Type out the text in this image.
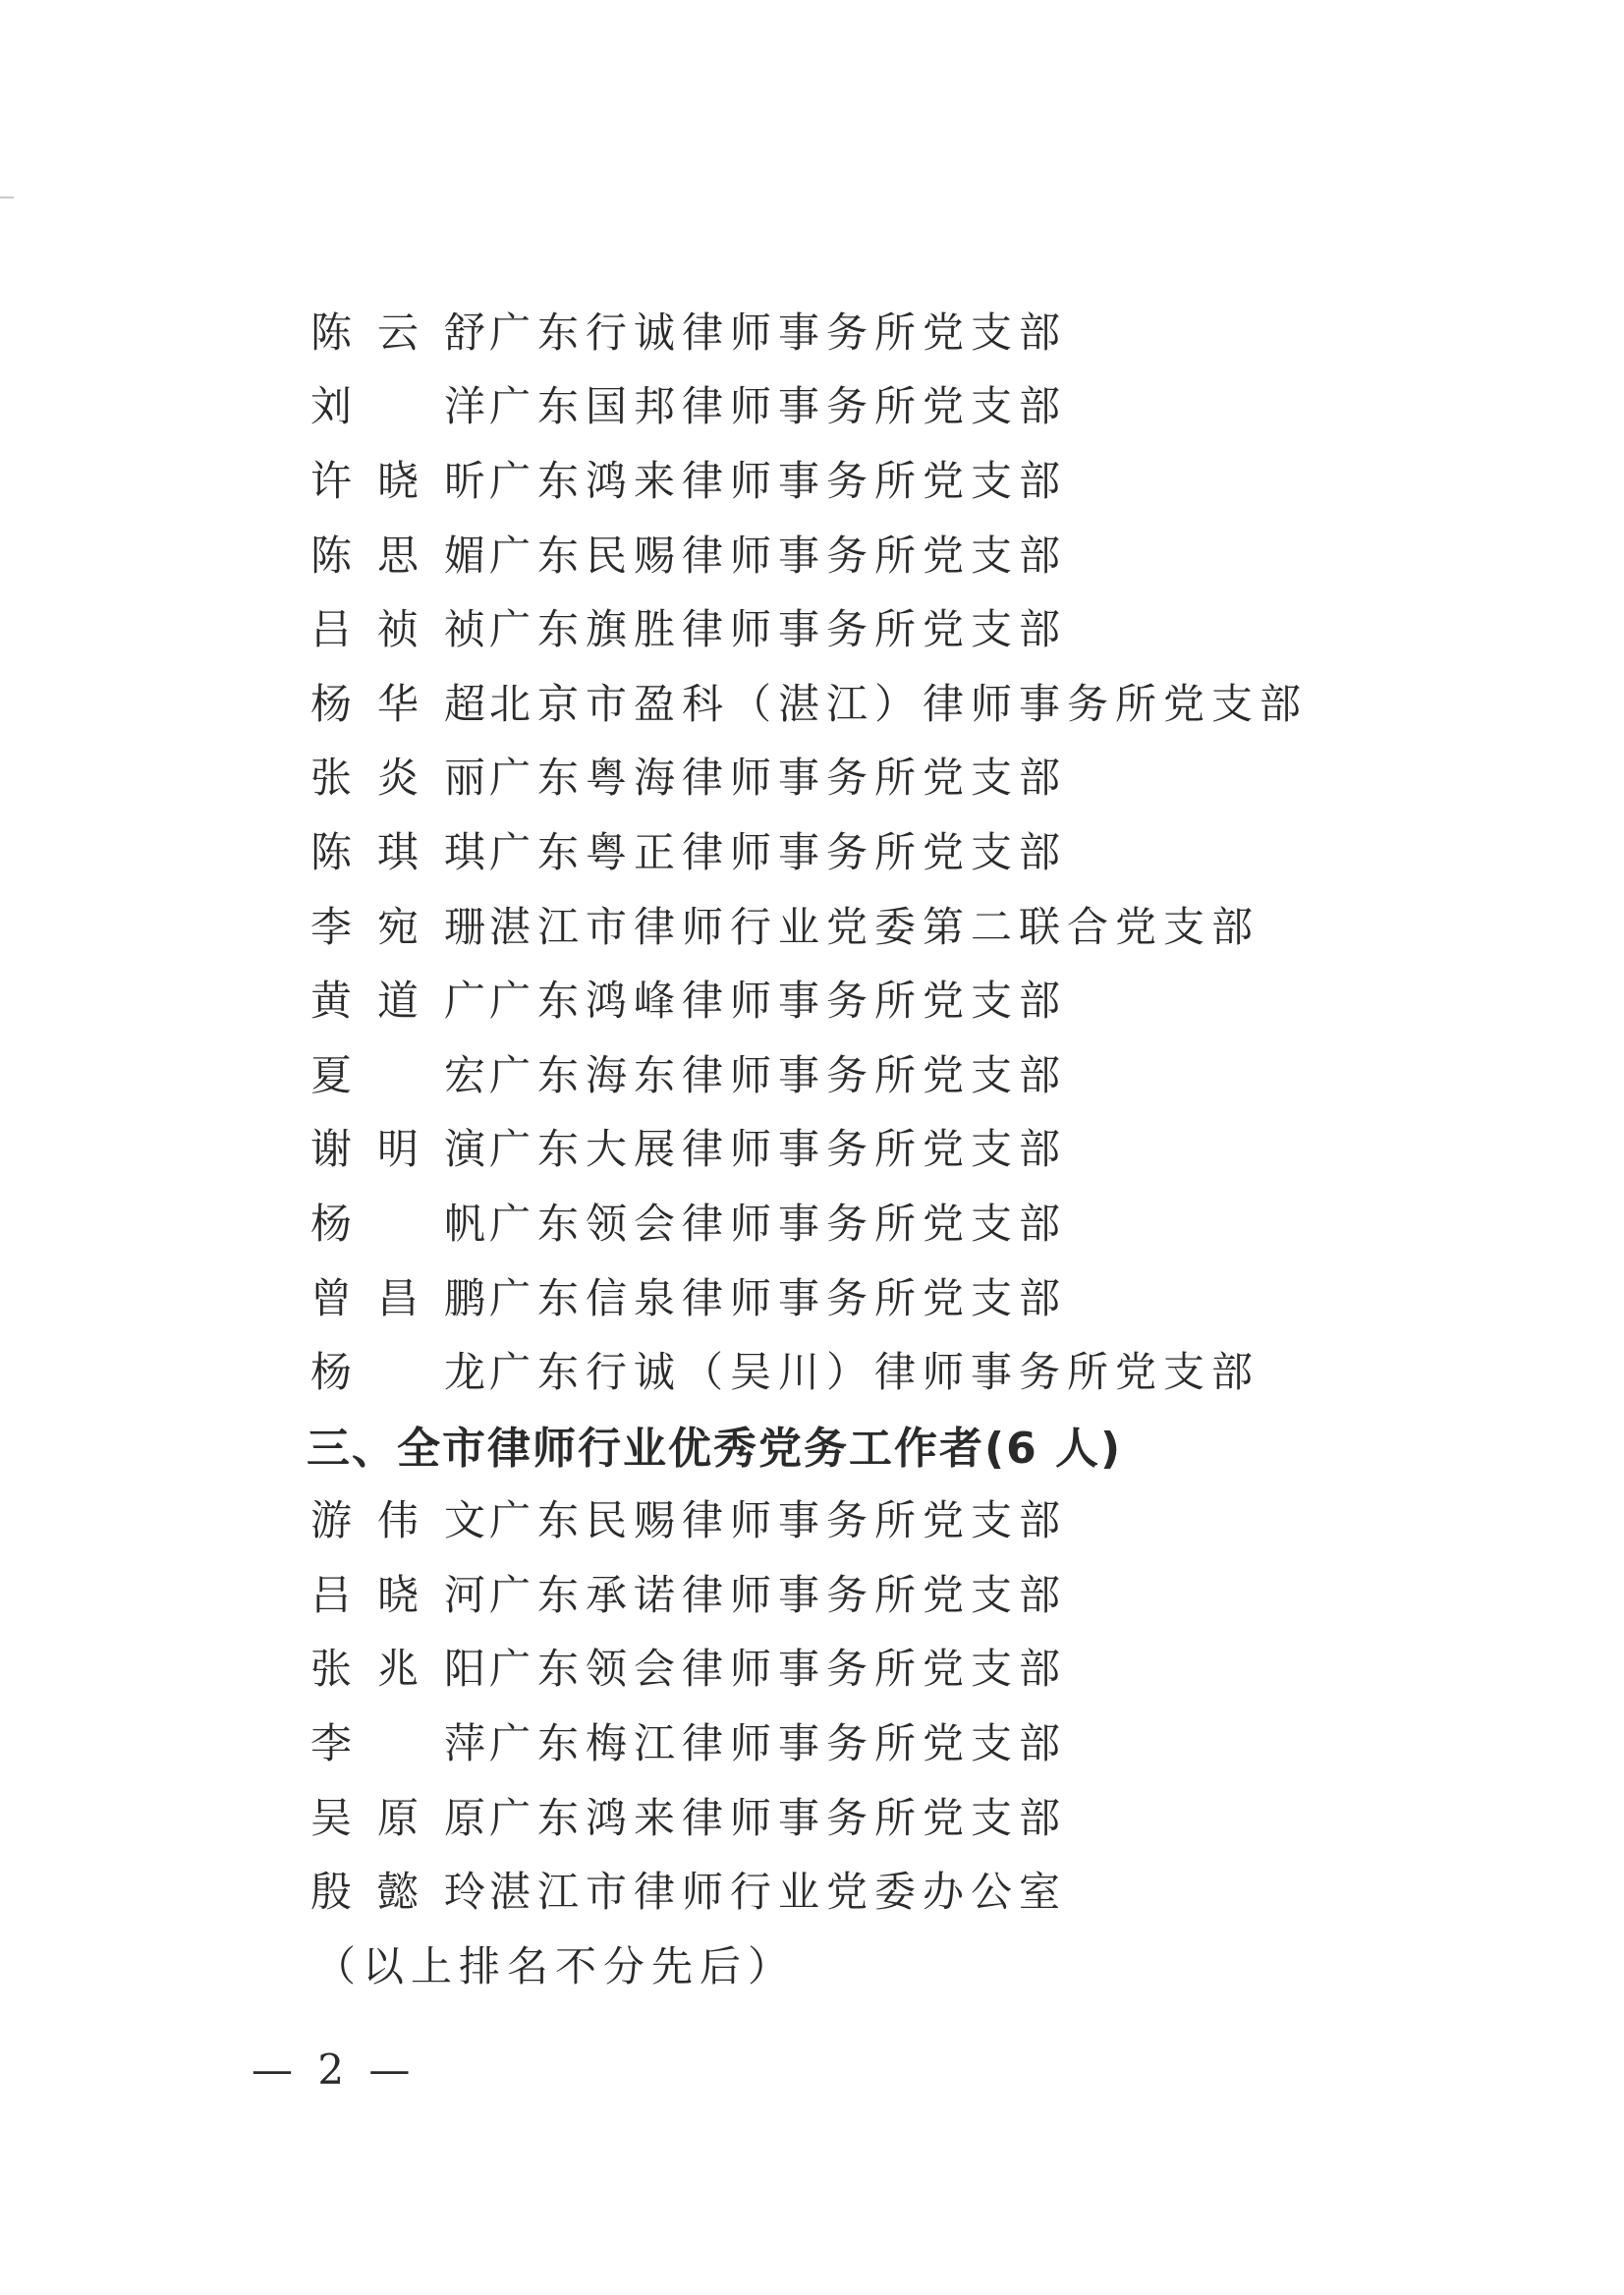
陈云舒 广东行诚律师事务所党支部
刘洋 广东国邦律师事务所党支部
许晓昕 广东鸿来律师事务所党支部
陈思媚 广东民赐律师事务所党支部
吕祯祯 广东旗胜律师事务所党支部
杨华超 北京市盈科（湛江）律师事务所党支部
张炎丽 广东粤海律师事务所党支部
陈琪琪 广东粤正律师事务所党支部
李宛珊 湛江市律师行业党委第二联合党支部
黄道广 广东鸿峰律师事务所党支部
夏宏 广东海东律师事务所党支部
谢明演 广东大展律师事务所党支部
杨帆 广东领会律师事务所党支部
曾昌鹏 广东信泉律师事务所党支部
杨龙 广东行诚（吴川）律师事务所党支部
三、全市律师行业优秀党务工作者(6 人)
游伟文 广东民赐律师事务所党支部
吕晓河 广东承诺律师事务所党支部
张兆阳 广东领会律师事务所党支部
李萍 广东梅江律师事务所党支部
吴原原 广东鸿来律师事务所党支部
殷懿玲 湛江市律师行业党委办公室
（以上排名不分先后）
— 2 —
